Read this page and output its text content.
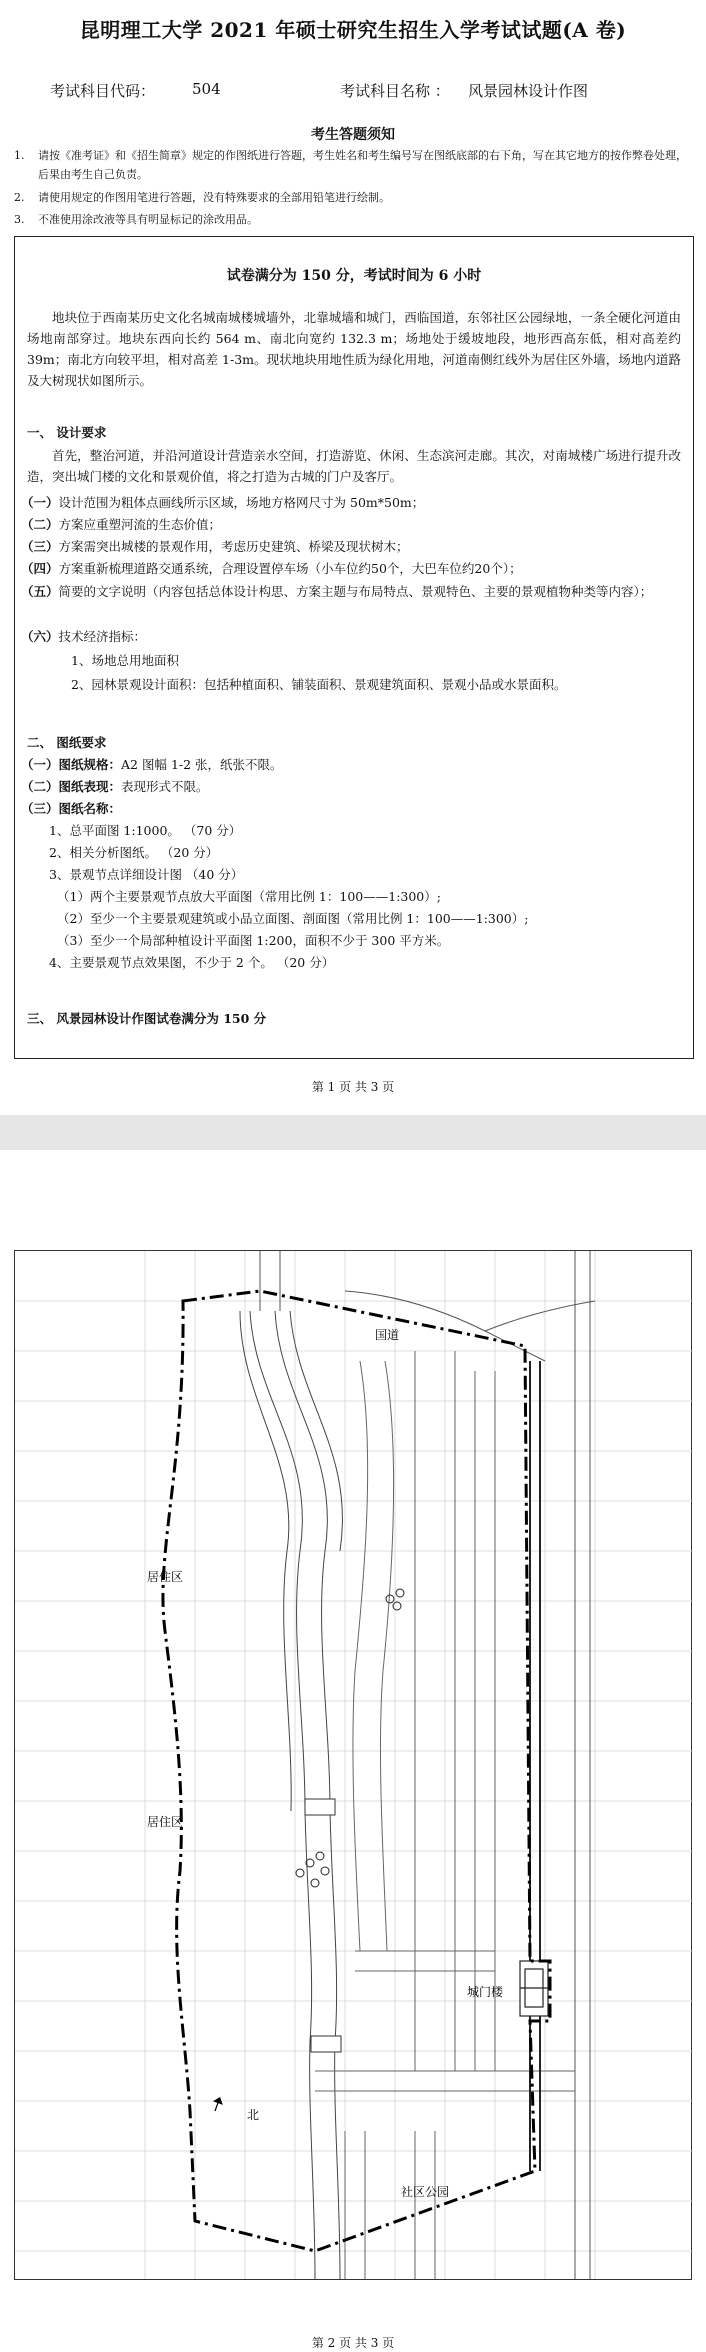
昆明理工大学 2021 年硕士研究生招生入学考试试题(A 卷)
考试科目代码： 504	考试科目名称 ： 风景园林设计作图
考生答题须知
1.	请按《准考证》和《招生简章》规定的作图纸进行答题，考生姓名和考生编号写在图纸底部的右下角，写在其它地方的按作弊卷处理，后果由考生自己负责。
2.	请使用规定的作图用笔进行答题，没有特殊要求的全部用铅笔进行绘制。
3.	不准使用涂改液等具有明显标记的涂改用品。
试卷满分为 150 分，考试时间为 6 小时
地块位于西南某历史文化名城南城楼城墙外，北靠城墙和城门，西临国道，东邻社区公园绿地，一条全硬化河道由场地南部穿过。地块东西向长约 564 m、南北向宽约 132.3 m；场地处于缓坡地段，地形西高东低，相对高差约 39m；南北方向较平坦，相对高差 1-3m。现状地块用地性质为绿化用地，河道南侧红线外为居住区外墙，场地内道路及大树现状如图所示。
一、 设计要求
首先，整治河道，并沿河道设计营造亲水空间，打造游览、休闲、生态滨河走廊。其次，对南城楼广场进行提升改造，突出城门楼的文化和景观价值，将之打造为古城的门户及客厅。
（一）设计范围为粗体点画线所示区域，场地方格网尺寸为 50m*50m；
（二）方案应重塑河流的生态价值；
（三）方案需突出城楼的景观作用，考虑历史建筑、桥梁及现状树木；
（四）方案重新梳理道路交通系统，合理设置停车场（小车位约50个，大巴车位约20个）；
（五）简要的文字说明（内容包括总体设计构思、方案主题与布局特点、景观特色、主要的景观植物种类等内容）；
（六）技术经济指标：
1、场地总用地面积
2、园林景观设计面积：包括种植面积、铺装面积、景观建筑面积、景观小品或水景面积。
二、 图纸要求
（一）图纸规格：A2 图幅 1-2 张，纸张不限。
（二）图纸表现：表现形式不限。
（三）图纸名称：
1、总平面图 1:1000。 （70 分）
2、相关分析图纸。 （20 分）
3、景观节点详细设计图 （40 分）
（1）两个主要景观节点放大平面图（常用比例 1：100——1:300）;
（2）至少一个主要景观建筑或小品立面图、剖面图（常用比例 1：100——1:300）;
（3）至少一个局部种植设计平面图 1:200，面积不少于 300 平方米。
4、主要景观节点效果图，不少于 2 个。 （20 分）
三、 风景园林设计作图试卷满分为 150 分
第 1 页 共 3 页
国道
居住区
居住区
城门楼
社区公园
北
第 2 页 共 3 页
